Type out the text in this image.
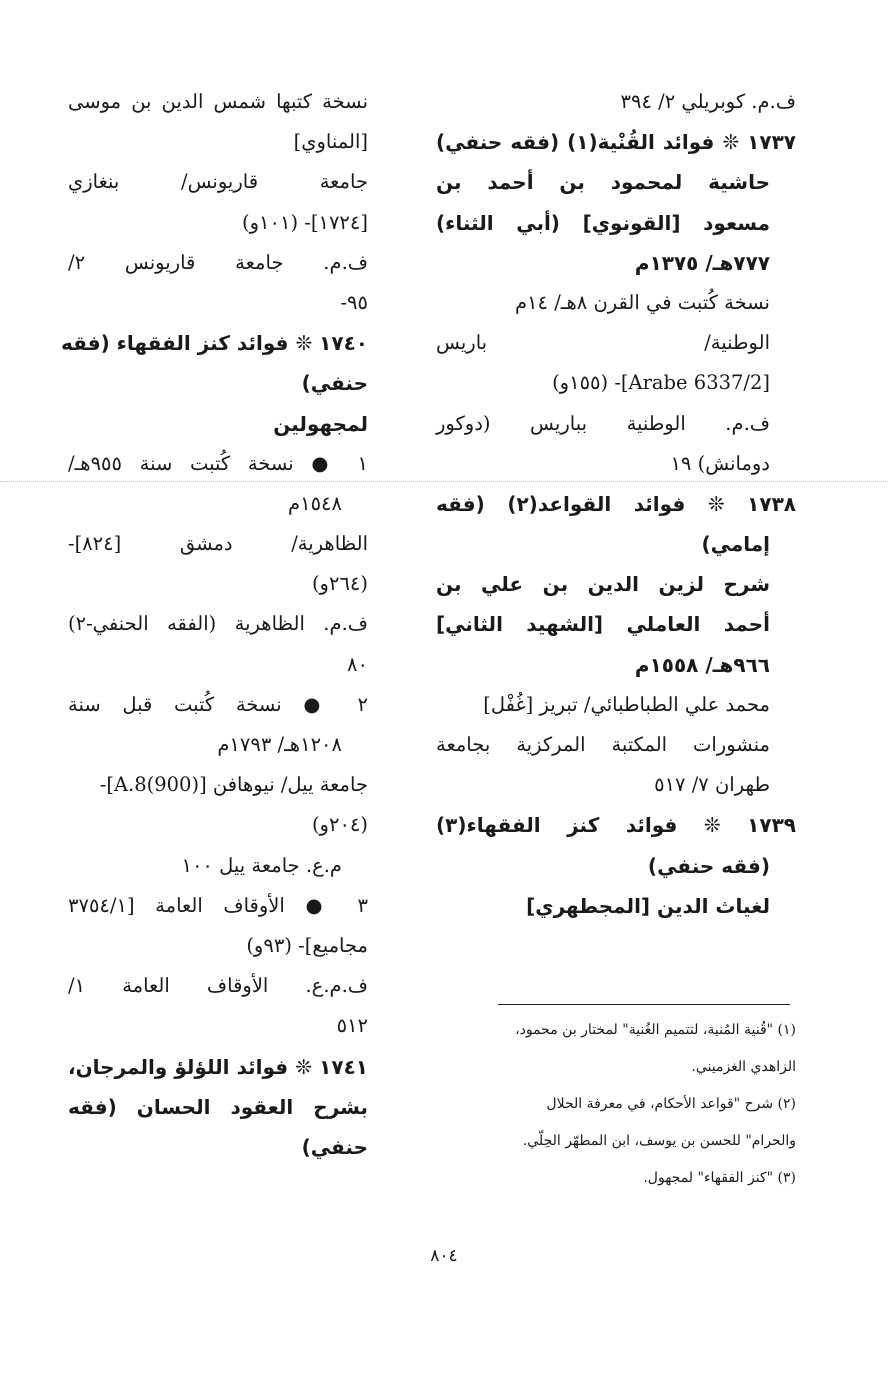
ف.م. كوبريلي ٢/ ٣٩٤
١٧٣٧ ❊ فوائد القُنْية(١) (فقه حنفي)
حاشية لمحمود بن أحمد بن
مسعود [القونوي] (أبي الثناء)
٧٧٧هـ/ ١٣٧٥م
نسخة كُتبت في القرن ٨هـ/ ١٤م
الوطنية/ باريس
[Arabe 6337/2]- (١٥٥و)
ف.م. الوطنية بباريس (دوكور
دومانش) ١٩
١٧٣٨ ❊ فوائد القواعد(٢) (فقه
إمامي)
شرح لزين الدين بن علي بن
أحمد العاملي [الشهيد الثاني]
٩٦٦هـ/ ١٥٥٨م
محمد علي الطباطبائي/ تبريز [غُفْل]
منشورات المكتبة المركزية بجامعة
طهران ٧/ ٥١٧
١٧٣٩ ❊ فوائد كنز الفقهاء(٣)
(فقه حنفي)
لغياث الدين [المجطهري]
نسخة كتبها شمس الدين بن موسى
[المناوي]
جامعة قاريونس/ بنغازي
[١٧٢٤]- (١٠١و)
ف.م. جامعة قاريونس ٢/
٩٥-
١٧٤٠ ❊ فوائد كنز الفقهاء (فقه
حنفي)
لمجهولين
١ ● نسخة كُتبت سنة ٩٥٥هـ/
١٥٤٨م
الظاهرية/ دمشق [٨٢٤]-
(٢٦٤و)
ف.م. الظاهرية (الفقه الحنفي-٢)
٨٠
٢ ● نسخة كُتبت قبل سنة
١٢٠٨هـ/ ١٧٩٣م
جامعة ييل/ نيوهافن [A.8(900)]-
(٢٠٤و)
م.ع. جامعة ييل ١٠٠
٣ ● الأوقاف العامة [٣٧٥٤/١
مجاميع]- (٩٣و)
ف.م.ع. الأوقاف العامة ١/
٥١٢
١٧٤١ ❊ فوائد اللؤلؤ والمرجان،
بشرح العقود الحسان (فقه
حنفي)
(١) "قُنية المُنية، لتتميم الغُنية" لمختار بن محمود،
الزاهدي الغزميني.
(٢) شرح "قواعد الأحكام، في معرفة الحلال
والحرام" للحسن بن يوسف، ابن المطهّر الحِلّي.
(٣) "كنز الفقهاء" لمجهول.
٨٠٤
